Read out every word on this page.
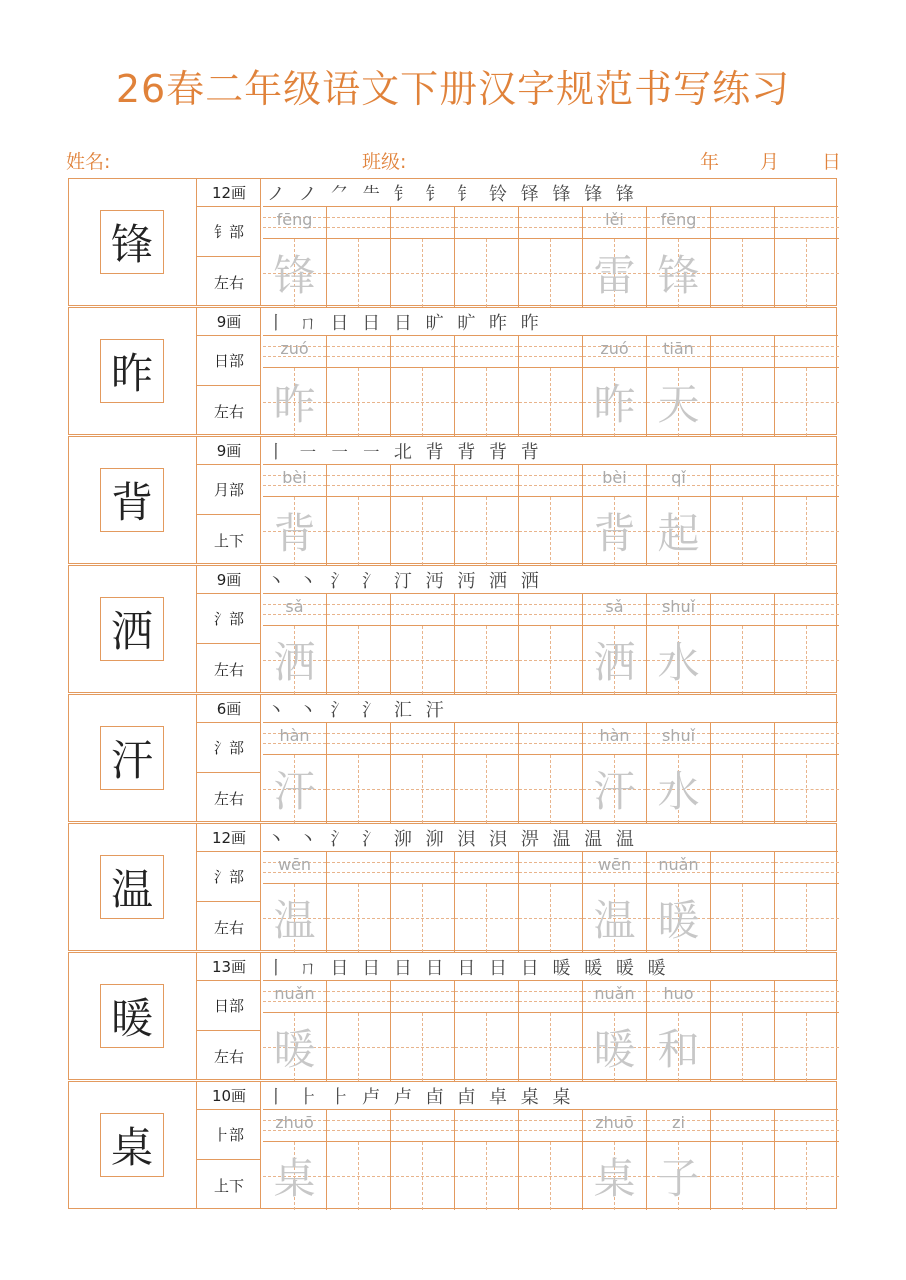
26春二年级语文下册汉字规范书写练习
姓名:	班级:	年 月 日
锋
12画
钅部
左右
ノ ノ ⺈ ⺧ 钅 钅 钅 铃 铎 锋 锋 锋
fēng
锋
lěi
雷
fēng
锋
昨
9画
日部
左右
丨 ㄇ 日 日 日 旷 旷 昨 昨
zuó
昨
zuó
昨
tiān
天
背
9画
月部
上下
丨 ㇐ ㇐ ㇐ 北 背 背 背 背
bèi
背
bèi
背
qǐ
起
洒
9画
氵部
左右
丶 丶 氵 氵 汀 沔 沔 洒 洒
sǎ
洒
sǎ
洒
shuǐ
水
汗
6画
氵部
左右
丶 丶 氵 氵 汇 汗
hàn
汗
hàn
汗
shuǐ
水
温
12画
氵部
左右
丶 丶 氵 氵 泖 泖 浿 浿 淠 温 温 温
wēn
温
wēn
温
nuǎn
暖
暖
13画
日部
左右
丨 ㄇ 日 日 日 日 日 日 日 暖 暖 暖 暖
nuǎn
暖
nuǎn
暖
huo
和
桌
10画
⺊部
上下
丨 ⺊ ⺊ 卢 卢 卣 卣 卓 桌 桌
zhuō
桌
zhuō
桌
zi
子
